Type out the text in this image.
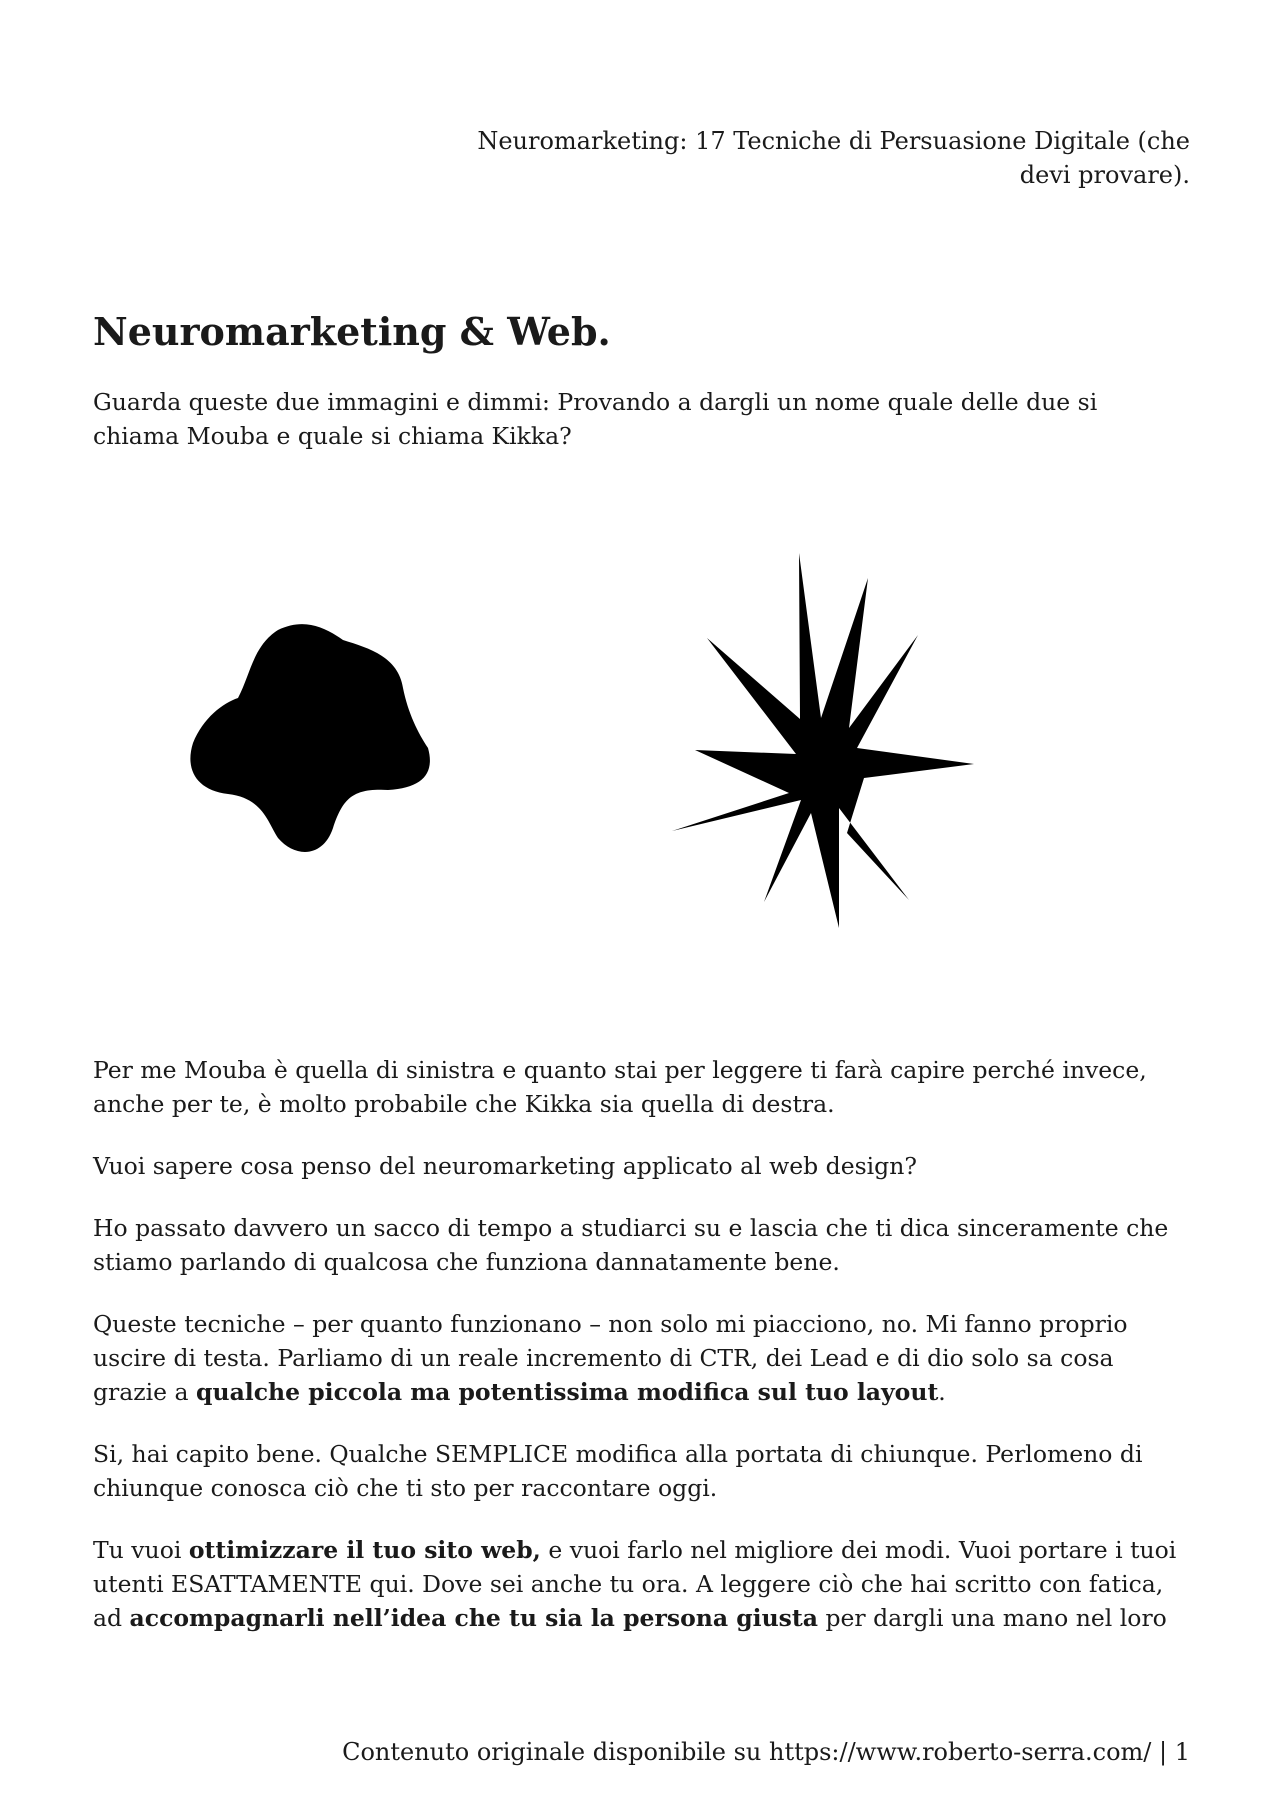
Neuromarketing: 17 Tecniche di Persuasione Digitale (che devi provare).
Neuromarketing & Web.

Guarda queste due immagini e dimmi: Provando a dargli un nome quale delle due si chiama Mouba e quale si chiama Kikka?

Per me Mouba è quella di sinistra e quanto stai per leggere ti farà capire perché invece, anche per te, è molto probabile che Kikka sia quella di destra.

Vuoi sapere cosa penso del neuromarketing applicato al web design?

Ho passato davvero un sacco di tempo a studiarci su e lascia che ti dica sinceramente che stiamo parlando di qualcosa che funziona dannatamente bene.

Queste tecniche – per quanto funzionano – non solo mi piacciono, no. Mi fanno proprio uscire di testa. Parliamo di un reale incremento di CTR, dei Lead e di dio solo sa cosa grazie a qualche piccola ma potentissima modifica sul tuo layout.

Si, hai capito bene. Qualche SEMPLICE modifica alla portata di chiunque. Perlomeno di chiunque conosca ciò che ti sto per raccontare oggi.

Tu vuoi ottimizzare il tuo sito web, e vuoi farlo nel migliore dei modi. Vuoi portare i tuoi utenti ESATTAMENTE qui. Dove sei anche tu ora. A leggere ciò che hai scritto con fatica, ad accompagnarli nell’idea che tu sia la persona giusta per dargli una mano nel loro

Contenuto originale disponibile su https://www.roberto-serra.com/ | 1
